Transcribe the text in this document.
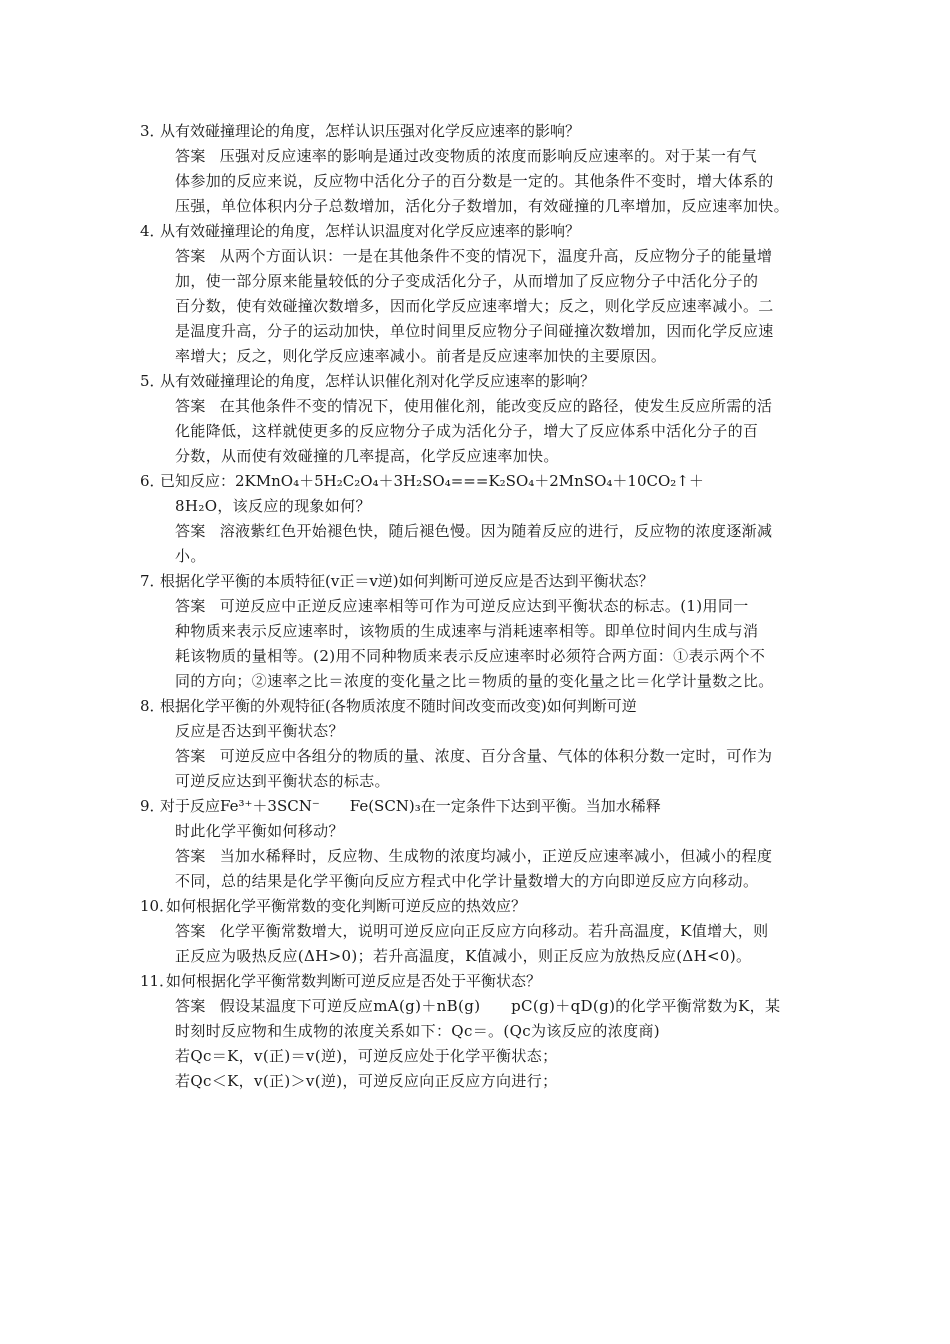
3．
从有效碰撞理论的角度，怎样认识压强对化学反应速率的影响？
答案 压强对反应速率的影响是通过改变物质的浓度而影响反应速率的。对于某一有气
体参加的反应来说，反应物中活化分子的百分数是一定的。其他条件不变时，增大体系的
压强，单位体积内分子总数增加，活化分子数增加，有效碰撞的几率增加，反应速率加快。
4．
从有效碰撞理论的角度，怎样认识温度对化学反应速率的影响？
答案 从两个方面认识：一是在其他条件不变的情况下，温度升高，反应物分子的能量增
加，使一部分原来能量较低的分子变成活化分子，从而增加了反应物分子中活化分子的
百分数，使有效碰撞次数增多，因而化学反应速率增大；反之，则化学反应速率减小。二
是温度升高，分子的运动加快，单位时间里反应物分子间碰撞次数增加，因而化学反应速
率增大；反之，则化学反应速率减小。前者是反应速率加快的主要原因。
5．
从有效碰撞理论的角度，怎样认识催化剂对化学反应速率的影响？
答案 在其他条件不变的情况下，使用催化剂，能改变反应的路径，使发生反应所需的活
化能降低，这样就使更多的反应物分子成为活化分子，增大了反应体系中活化分子的百
分数，从而使有效碰撞的几率提高，化学反应速率加快。
6．
已知反应：2KMnO₄＋5H₂C₂O₄＋3H₂SO₄===K₂SO₄＋2MnSO₄＋10CO₂↑＋
8H₂O，该反应的现象如何？
答案 溶液紫红色开始褪色快，随后褪色慢。因为随着反应的进行，反应物的浓度逐渐减
小。
7．
根据化学平衡的本质特征(v正＝v逆)如何判断可逆反应是否达到平衡状态？
答案 可逆反应中正逆反应速率相等可作为可逆反应达到平衡状态的标志。(1)用同一
种物质来表示反应速率时，该物质的生成速率与消耗速率相等。即单位时间内生成与消
耗该物质的量相等。(2)用不同种物质来表示反应速率时必须符合两方面：①表示两个不
同的方向；②速率之比＝浓度的变化量之比＝物质的量的变化量之比＝化学计量数之比。
8．
根据化学平衡的外观特征(各物质浓度不随时间改变而改变)如何判断可逆
反应是否达到平衡状态？
答案 可逆反应中各组分的物质的量、浓度、百分含量、气体的体积分数一定时，可作为
可逆反应达到平衡状态的标志。
9．
对于反应Fe³⁺＋3SCN⁻　　Fe(SCN)₃在一定条件下达到平衡。当加水稀释
时此化学平衡如何移动？
答案 当加水稀释时，反应物、生成物的浓度均减小，正逆反应速率减小，但减小的程度
不同，总的结果是化学平衡向反应方程式中化学计量数增大的方向即逆反应方向移动。
10．
如何根据化学平衡常数的变化判断可逆反应的热效应？
答案 化学平衡常数增大，说明可逆反应向正反应方向移动。若升高温度，K值增大，则
正反应为吸热反应(ΔH>0)；若升高温度，K值减小，则正反应为放热反应(ΔH<0)。
11．
如何根据化学平衡常数判断可逆反应是否处于平衡状态？
答案 假设某温度下可逆反应mA(g)＋nB(g)　　pC(g)＋qD(g)的化学平衡常数为K，某
时刻时反应物和生成物的浓度关系如下：Qc＝。(Qc为该反应的浓度商)
若Qc＝K，v(正)＝v(逆)，可逆反应处于化学平衡状态；
若Qc＜K，v(正)＞v(逆)，可逆反应向正反应方向进行；
